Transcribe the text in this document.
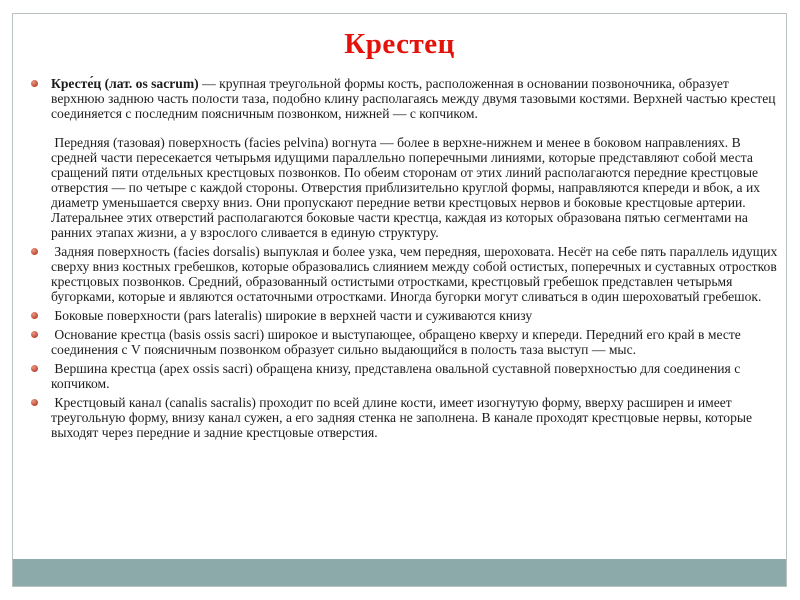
Крестец

Кресте́ц (лат. os sacrum) — крупная треугольной формы кость, расположенная в основании позвоночника, образует верхнюю заднюю часть полости таза, подобно клину располагаясь между двумя тазовыми костями. Верхней частью крестец соединяется с последним поясничным позвонком, нижней — с копчиком.

Передняя (тазовая) поверхность (facies pelvina) вогнута — более в верхне-нижнем и менее в боковом направлениях. В средней части пересекается четырьмя идущими параллельно поперечными линиями, которые представляют собой места сращений пяти отдельных крестцовых позвонков. По обеим сторонам от этих линий располагаются передние крестцовые отверстия — по четыре с каждой стороны. Отверстия приблизительно круглой формы, направляются кпереди и вбок, а их диаметр уменьшается сверху вниз. Они пропускают передние ветви крестцовых нервов и боковые крестцовые артерии. Латеральнее этих отверстий располагаются боковые части крестца, каждая из которых образована пятью сегментами на ранних этапах жизни, а у взрослого сливается в единую структуру.

Задняя поверхность (facies dorsalis) выпуклая и более узка, чем передняя, шероховата. Несёт на себе пять параллель идущих сверху вниз костных гребешков, которые образовались слиянием между собой остистых, поперечных и суставных отростков крестцовых позвонков. Средний, образованный остистыми отростками, крестцовый гребешок представлен четырьмя бугорками, которые и являются остаточными отростками. Иногда бугорки могут сливаться в один шероховатый гребешок.

Боковые поверхности (pars lateralis) широкие в верхней части и суживаются книзу

Основание крестца (basis ossis sacri) широкое и выступающее, обращено кверху и кпереди. Передний его край в месте соединения с V поясничным позвонком образует сильно выдающийся в полость таза выступ — мыс.

Вершина крестца (apex ossis sacri) обращена книзу, представлена овальной суставной поверхностью для соединения с копчиком.

Крестцовый канал (canalis sacralis) проходит по всей длине кости, имеет изогнутую форму, вверху расширен и имеет треугольную форму, внизу канал сужен, а его задняя стенка не заполнена. В канале проходят крестцовые нервы, которые выходят через передние и задние крестцовые отверстия.
